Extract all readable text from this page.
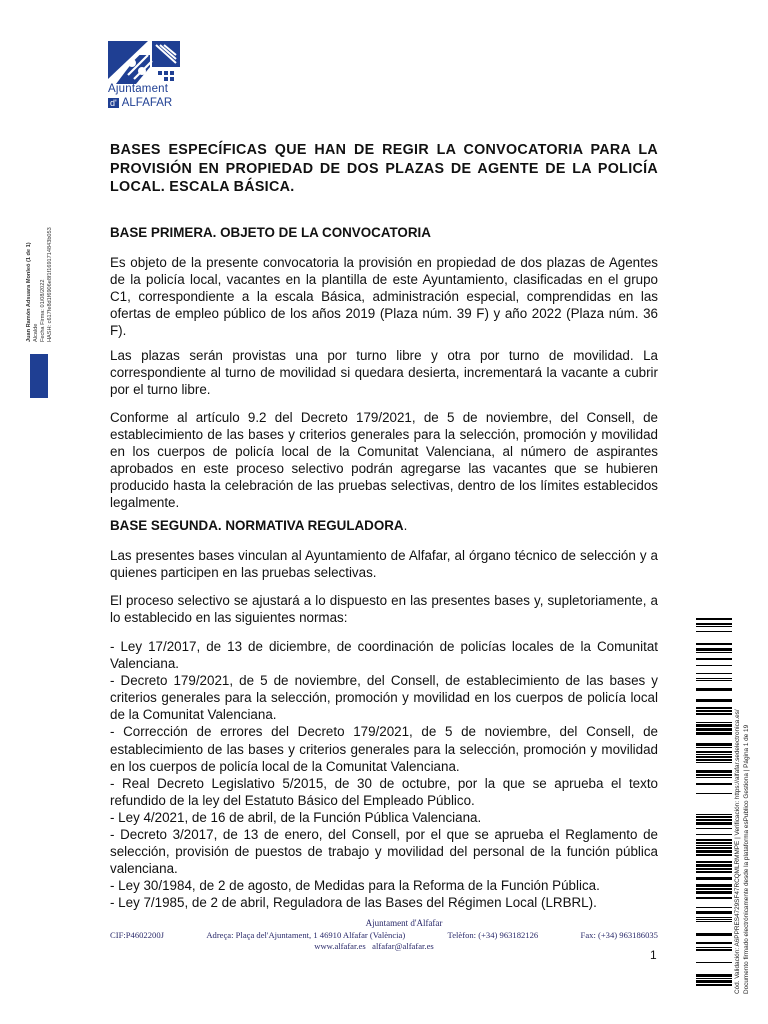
Ajuntament
d' ALFAFAR
BASES ESPECÍFICAS QUE HAN DE REGIR LA CONVOCATORIA PARA LA PROVISIÓN EN PROPIEDAD DE DOS PLAZAS DE AGENTE DE LA POLICÍA LOCAL. ESCALA BÁSICA.
BASE PRIMERA. OBJETO DE LA CONVOCATORIA

Es objeto de la presente convocatoria la provisión en propiedad de dos plazas de Agentes de la policía local, vacantes en la plantilla de este Ayuntamiento, clasificadas en el grupo C1, correspondiente a la escala Básica, administración especial, comprendidas en las ofertas de empleo público de los años 2019 (Plaza núm. 39 F) y año 2022 (Plaza núm. 36 F).

Las plazas serán provistas una por turno libre y otra por turno de movilidad. La correspondiente al turno de movilidad si quedara desierta, incrementará la vacante a cubrir por el turno libre.

Conforme al artículo 9.2 del Decreto 179/2021, de 5 de noviembre, del Consell, de establecimiento de las bases y criterios generales para la selección, promoción y movilidad en los cuerpos de policía local de la Comunitat Valenciana, al número de aspirantes aprobados en este proceso selectivo podrán agregarse las vacantes que se hubieren producido hasta la celebración de las pruebas selectivas, dentro de los límites establecidos legalmente.

BASE SEGUNDA. NORMATIVA REGULADORA.

Las presentes bases vinculan al Ayuntamiento de Alfafar, al órgano técnico de selección y a quienes participen en las pruebas selectivas.

El proceso selectivo se ajustará a lo dispuesto en las presentes bases y, supletoriamente, a lo establecido en las siguientes normas:

- Ley 17/2017, de 13 de diciembre, de coordinación de policías locales de la Comunitat Valenciana.
- Decreto 179/2021, de 5 de noviembre, del Consell, de establecimiento de las bases y criterios generales para la selección, promoción y movilidad en los cuerpos de policía local de la Comunitat Valenciana.
- Corrección de errores del Decreto 179/2021, de 5 de noviembre, del Consell, de establecimiento de las bases y criterios generales para la selección, promoción y movilidad en los cuerpos de policía local de la Comunitat Valenciana.
- Real Decreto Legislativo 5/2015, de 30 de octubre, por la que se aprueba el texto refundido de la ley del Estatuto Básico del Empleado Público.
- Ley 4/2021, de 16 de abril, de la Función Pública Valenciana.
- Decreto 3/2017, de 13 de enero, del Consell, por el que se aprueba el Reglamento de selección, provisión de puestos de trabajo y movilidad del personal de la función pública valenciana.
- Ley 30/1984, de 2 de agosto, de Medidas para la Reforma de la Función Pública.
- Ley 7/1985, de 2 de abril, Reguladora de las Bases del Régimen Local (LRBRL).
Juan Ramón Adsuara Monleó (1 de 1) Alcalde Fecha Firma: 01/08/2022 HASH: c617fe8d1f6906e8f1f1691714843b053
Ajuntament d'Alfafar
CIF:P4602200J	Adreça: Plaça del'Ajuntament, 1 46910 Alfafar (València)	Telèfon: (+34) 963182126	Fax: (+34) 963186035
www.alfafar.es alfafar@alfafar.es
1	Cód. Validación: A6PPRES4729SF47RCQMLRMMPE | Verificación: https://alfafar.sedelectronica.es/ Documento firmado electrónicamente desde la plataforma esPublico Gestiona | Página 1 de 19
